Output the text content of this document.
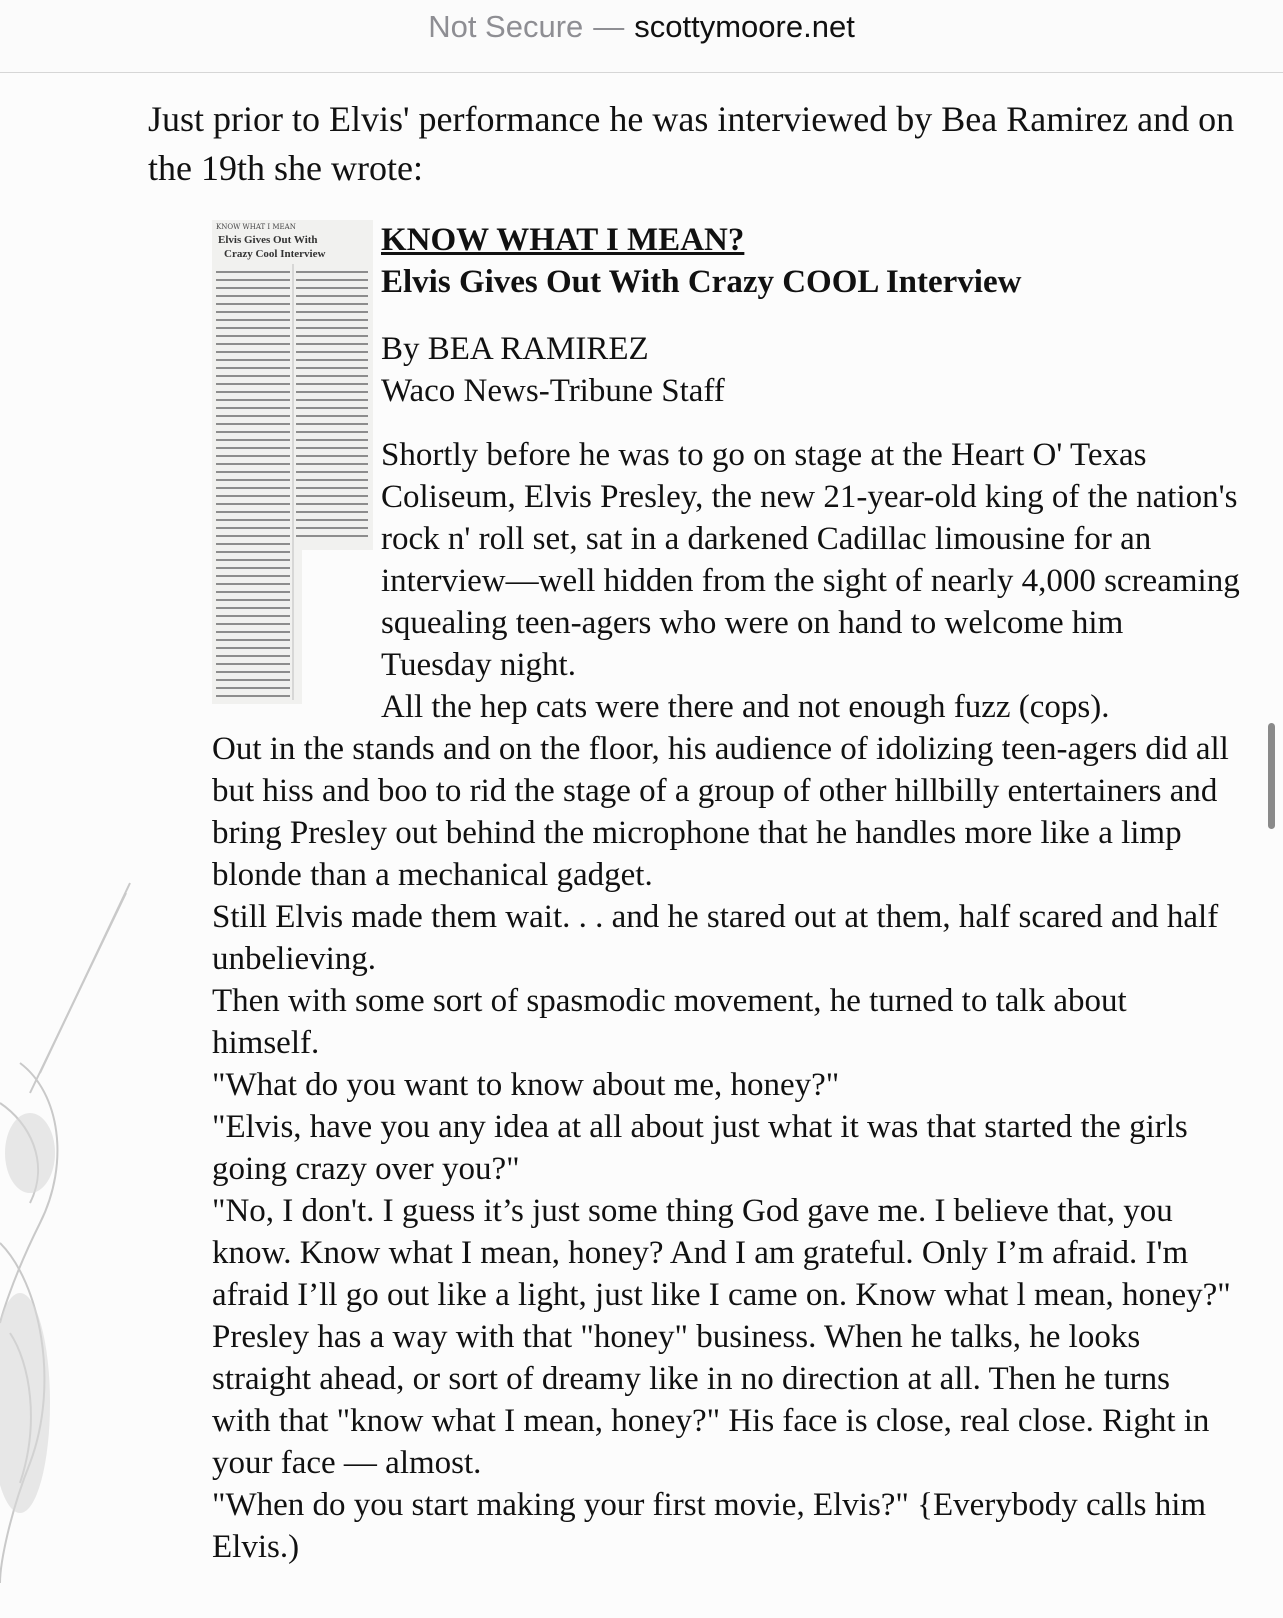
Not Secure — scottymoore.net

Just prior to Elvis' performance he was interviewed by Bea Ramirez and on the 19th she wrote:

KNOW WHAT I MEAN
Elvis Gives Out With
Crazy Cool Interview KNOW WHAT I MEAN?
Elvis Gives Out With Crazy COOL Interview
By BEA RAMIREZ
Waco News-Tribune Staff

Shortly before he was to go on stage at the Heart O' Texas Coliseum, Elvis Presley, the new 21-year-old king of the nation's rock n' roll set, sat in a darkened Cadillac limousine for an interview—well hidden from the sight of nearly 4,000 screaming squealing teen-agers who were on hand to welcome him Tuesday night.

All the hep cats were there and not enough fuzz (cops).

Out in the stands and on the floor, his audience of idolizing teen-agers did all but hiss and boo to rid the stage of a group of other hillbilly entertainers and bring Presley out behind the microphone that he handles more like a limp blonde than a mechanical gadget.

Still Elvis made them wait. . . and he stared out at them, half scared and half unbelieving.

Then with some sort of spasmodic movement, he turned to talk about himself.

"What do you want to know about me, honey?"

"Elvis, have you any idea at all about just what it was that started the girls going crazy over you?"

"No, I don't. I guess it’s just some thing God gave me. I believe that, you know. Know what I mean, honey? And I am grateful. Only I’m afraid. I'm afraid I’ll go out like a light, just like I came on. Know what l mean, honey?"

Presley has a way with that "honey" business. When he talks, he looks straight ahead, or sort of dreamy like in no direction at all. Then he turns with that "know what I mean, honey?" His face is close, real close. Right in your face — almost.

"When do you start making your first movie, Elvis?" {Everybody calls him Elvis.)
